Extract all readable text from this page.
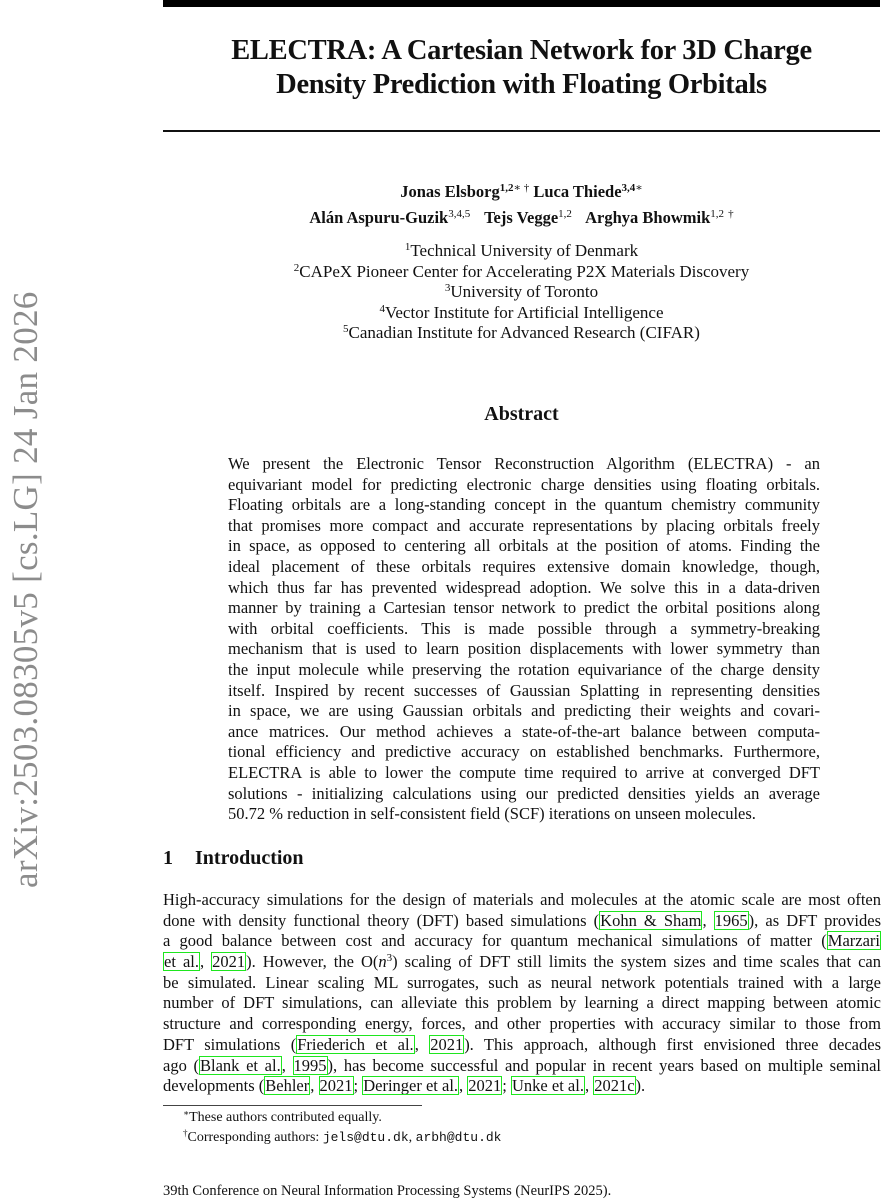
arXiv:2503.08305v5 [cs.LG] 24 Jan 2026
ELECTRA: A Cartesian Network for 3D Charge
Density Prediction with Floating Orbitals
Jonas Elsborg$^{1,2∗ \dagger}$ Luca Thiede$^{3,4∗}$
Alán Aspuru-Guzik$^{3,4,5}$ Tejs Vegge$^{1,2}$ Arghya Bhowmik$^{1,2}$ †
$^1$Technical University of Denmark
$^2$CAPeX Pioneer Center for Accelerating P2X Materials Discovery
$^3$University of Toronto
$^4$Vector Institute for Artificial Intelligence
$^5$Canadian Institute for Advanced Research (CIFAR)
Abstract
We present the Electronic Tensor Reconstruction Algorithm (ELECTRA) - an
equivariant model for predicting electronic charge densities using floating orbitals.
Floating orbitals are a long-standing concept in the quantum chemistry community
that promises more compact and accurate representations by placing orbitals freely
in space, as opposed to centering all orbitals at the position of atoms. Finding the
ideal placement of these orbitals requires extensive domain knowledge, though,
which thus far has prevented widespread adoption. We solve this in a data-driven
manner by training a Cartesian tensor network to predict the orbital positions along
with orbital coefficients. This is made possible through a symmetry-breaking
mechanism that is used to learn position displacements with lower symmetry than
the input molecule while preserving the rotation equivariance of the charge density
itself. Inspired by recent successes of Gaussian Splatting in representing densities
in space, we are using Gaussian orbitals and predicting their weights and covari-
ance matrices. Our method achieves a state-of-the-art balance between computa-
tional efficiency and predictive accuracy on established benchmarks. Furthermore,
ELECTRA is able to lower the compute time required to arrive at converged DFT
solutions - initializing calculations using our predicted densities yields an average
50.72 % reduction in self-consistent field (SCF) iterations on unseen molecules.
1 Introduction
High-accuracy simulations for the design of materials and molecules at the atomic scale are most often
done with density functional theory (DFT) based simulations (Kohn & Sham, 1965), as DFT provides
a good balance between cost and accuracy for quantum mechanical simulations of matter (Marzari
et al., 2021). However, the $O(n^3)$ scaling of DFT still limits the system sizes and time scales that can
be simulated. Linear scaling ML surrogates, such as neural network potentials trained with a large
number of DFT simulations, can alleviate this problem by learning a direct mapping between atomic
structure and corresponding energy, forces, and other properties with accuracy similar to those from
DFT simulations (Friederich et al., 2021). This approach, although first envisioned three decades
ago (Blank et al., 1995), has become successful and popular in recent years based on multiple seminal
developments (Behler, 2021; Deringer et al., 2021; Unke et al., 2021c).
∗These authors contributed equally.
†Corresponding authors: jels@dtu.dk, arbh@dtu.dk
39th Conference on Neural Information Processing Systems (NeurIPS 2025).
